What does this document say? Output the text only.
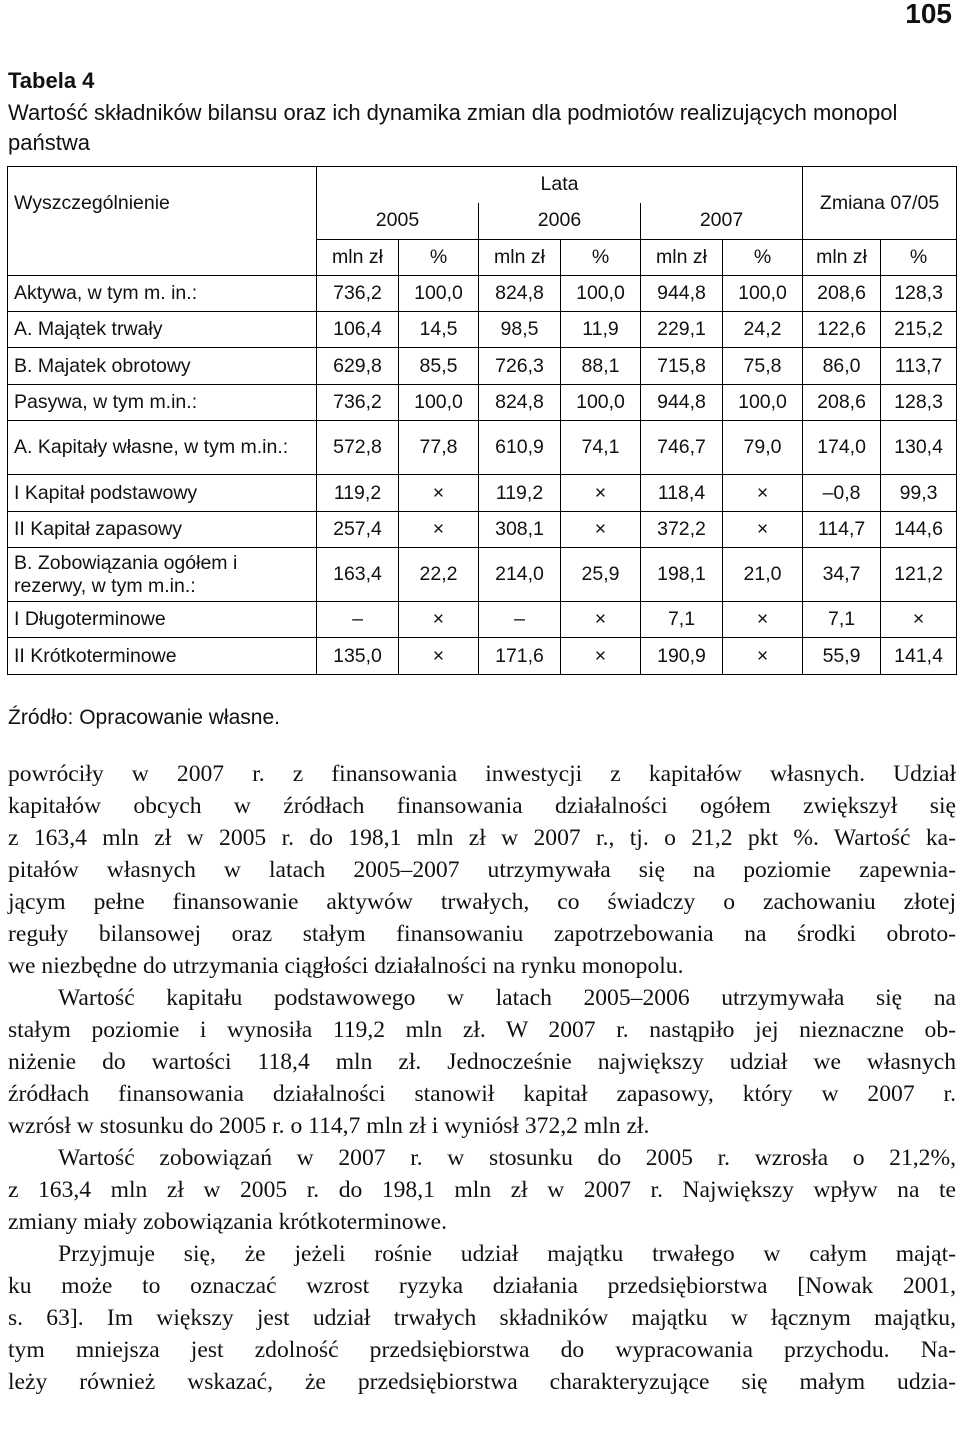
105
Tabela 4
Wartość składników bilansu oraz ich dynamika zmian dla podmiotów realizujących monopol państwa
Wyszczególnienie	Lata						Zmiana 07/05	
	2005		2006		2007			
	mln zł	%	mln zł	%	mln zł	%	mln zł	%
Aktywa, w tym m. in.:	736,2	100,0	824,8	100,0	944,8	100,0	208,6	128,3
A. Majątek trwały	106,4	14,5	98,5	11,9	229,1	24,2	122,6	215,2
B. Majatek obrotowy	629,8	85,5	726,3	88,1	715,8	75,8	86,0	113,7
Pasywa, w tym m.in.:	736,2	100,0	824,8	100,0	944,8	100,0	208,6	128,3
A. Kapitały własne, w tym m.in.:	572,8	77,8	610,9	74,1	746,7	79,0	174,0	130,4
I Kapitał podstawowy	119,2	×	119,2	×	118,4	×	–0,8	99,3
II Kapitał zapasowy	257,4	×	308,1	×	372,2	×	114,7	144,6
B. Zobowiązania ogółem i rezerwy, w tym m.in.:	163,4	22,2	214,0	25,9	198,1	21,0	34,7	121,2
I Długoterminowe	–	×	–	×	7,1	×	7,1	×
II Krótkoterminowe	135,0	×	171,6	×	190,9	×	55,9	141,4
Źródło: Opracowanie własne.

powróciły w 2007 r. z finansowania inwestycji z kapitałów własnych. Udział

kapitałów obcych w źródłach finansowania działalności ogółem zwiększył się

z 163,4 mln zł w 2005 r. do 198,1 mln zł w 2007 r., tj. o 21,2 pkt %. Wartość ka-

pitałów własnych w latach 2005–2007 utrzymywała się na poziomie zapewnia-

jącym pełne finansowanie aktywów trwałych, co świadczy o zachowaniu złotej

reguły bilansowej oraz stałym finansowaniu zapotrzebowania na środki obroto-

we niezbędne do utrzymania ciągłości działalności na rynku monopolu.

Wartość kapitału podstawowego w latach 2005–2006 utrzymywała się na

stałym poziomie i wynosiła 119,2 mln zł. W 2007 r. nastąpiło jej nieznaczne ob-

niżenie do wartości 118,4 mln zł. Jednocześnie największy udział we własnych

źródłach finansowania działalności stanowił kapitał zapasowy, który w 2007 r.

wzrósł w stosunku do 2005 r. o 114,7 mln zł i wyniósł 372,2 mln zł.

Wartość zobowiązań w 2007 r. w stosunku do 2005 r. wzrosła o 21,2%,

z 163,4 mln zł w 2005 r. do 198,1 mln zł w 2007 r. Największy wpływ na te

zmiany miały zobowiązania krótkoterminowe.

Przyjmuje się, że jeżeli rośnie udział majątku trwałego w całym mająt-

ku może to oznaczać wzrost ryzyka działania przedsiębiorstwa [Nowak 2001,

s. 63]. Im większy jest udział trwałych składników majątku w łącznym majątku,

tym mniejsza jest zdolność przedsiębiorstwa do wypracowania przychodu. Na-

leży również wskazać, że przedsiębiorstwa charakteryzujące się małym udzia-
